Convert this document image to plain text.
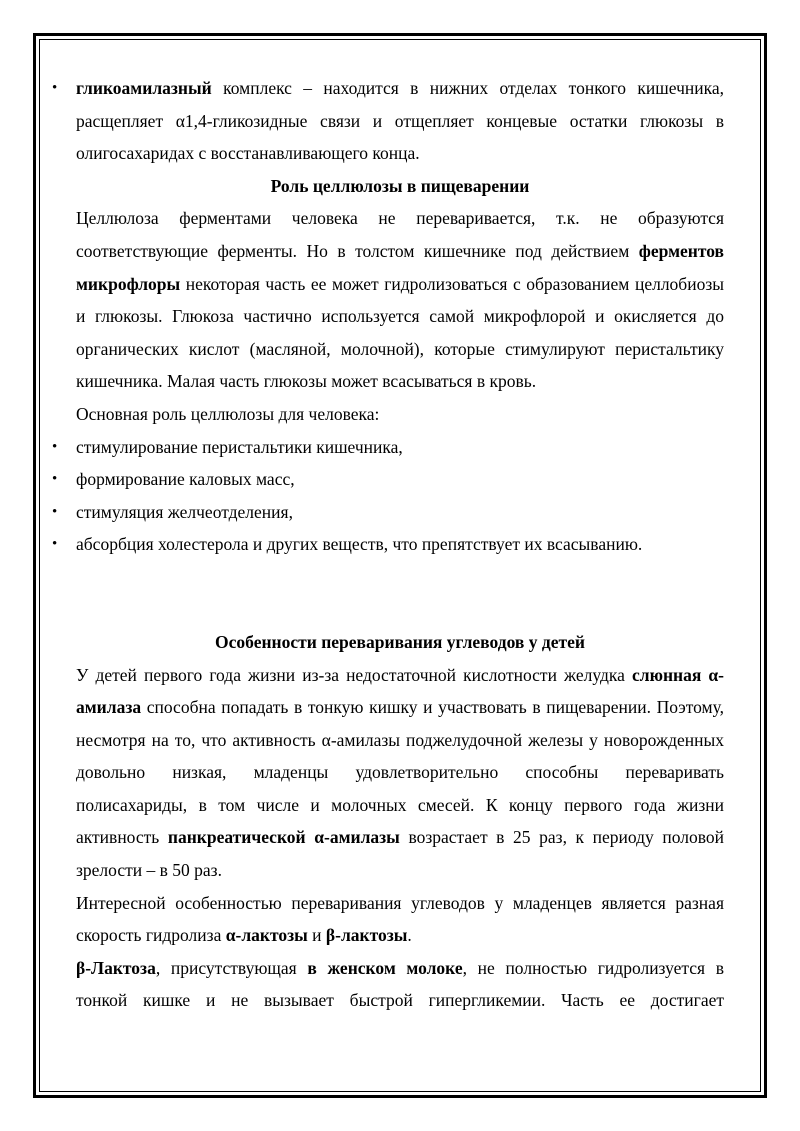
• гликоамилазный комплекс – находится в нижних отделах тонкого кишечника, расщепляет α1,4-гликозидные связи и отщепляет концевые остатки глюкозы в олигосахаридах с восстанавливающего конца.

Роль целлюлозы в пищеварении

Целлюлоза ферментами человека не переваривается, т.к. не образуются соответствующие ферменты. Но в толстом кишечнике под действием ферментов микрофлоры некоторая часть ее может гидролизоваться с образованием целлобиозы и глюкозы. Глюкоза частично используется самой микрофлорой и окисляется до органических кислот (масляной, молочной), которые стимулируют перистальтику кишечника. Малая часть глюкозы может всасываться в кровь.

Основная роль целлюлозы для человека:

• стимулирование перистальтики кишечника,

• формирование каловых масс,

• стимуляция желчеотделения,

• абсорбция холестерола и других веществ, что препятствует их всасыванию.

Особенности переваривания углеводов у детей

У детей первого года жизни из-за недостаточной кислотности желудка слюнная α-амилаза способна попадать в тонкую кишку и участвовать в пищеварении. Поэтому, несмотря на то, что активность α-амилазы поджелудочной железы у новорожденных довольно низкая, младенцы удовлетворительно способны переваривать полисахариды, в том числе и молочных смесей. К концу первого года жизни активность панкреатической α-амилазы возрастает в 25 раз, к периоду половой зрелости – в 50 раз.

Интересной особенностью переваривания углеводов у младенцев является разная скорость гидролиза α-лактозы и β-лактозы.

β-Лактоза, присутствующая в женском молоке, не полностью гидролизуется в тонкой кишке и не вызывает быстрой гипергликемии. Часть ее достигает
